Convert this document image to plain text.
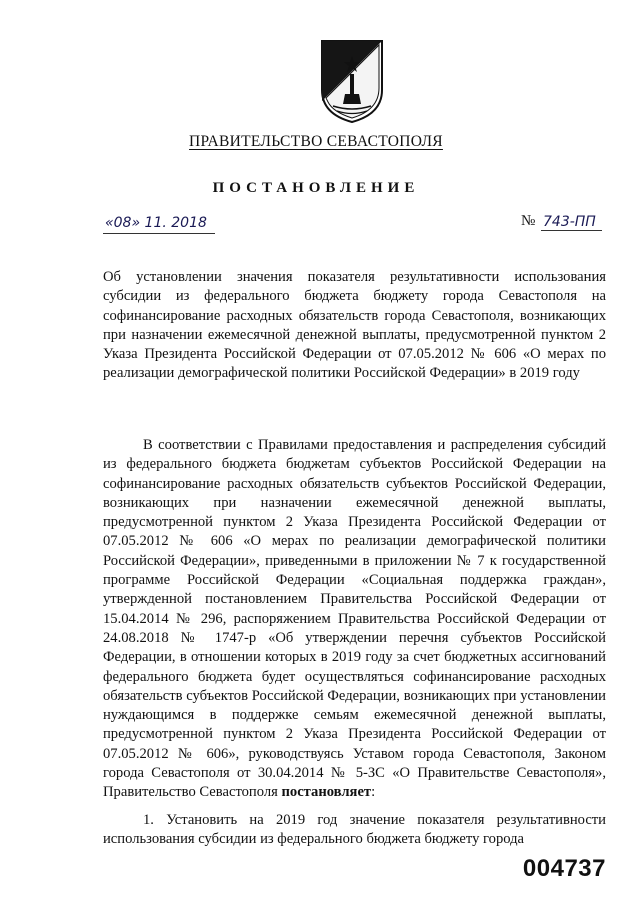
ПРАВИТЕЛЬСТВО СЕВАСТОПОЛЯ
ПОСТАНОВЛЕНИЕ
«08» 11. 2018	№ 743-ПП
Об установлении значения показателя результативности использования субсидии из федерального бюджета бюджету города Севастополя на софинансирование расходных обязательств города Севастополя, возникающих при назначении ежемесячной денежной выплаты, предусмотренной пунктом 2 Указа Президента Российской Федерации от 07.05.2012 № 606 «О мерах по реализации демографической политики Российской Федерации» в 2019 году
В соответствии с Правилами предоставления и распределения субсидий из федерального бюджета бюджетам субъектов Российской Федерации на софинансирование расходных обязательств субъектов Российской Федерации, возникающих при назначении ежемесячной денежной выплаты, предусмотренной пунктом 2 Указа Президента Российской Федерации от 07.05.2012 № 606 «О мерах по реализации демографической политики Российской Федерации», приведенными в приложении № 7 к государственной программе Российской Федерации «Социальная поддержка граждан», утвержденной постановлением Правительства Российской Федерации от 15.04.2014 № 296, распоряжением Правительства Российской Федерации от 24.08.2018 № 1747-р «Об утверждении перечня субъектов Российской Федерации, в отношении которых в 2019 году за счет бюджетных ассигнований федерального бюджета будет осуществляться софинансирование расходных обязательств субъектов Российской Федерации, возникающих при установлении нуждающимся в поддержке семьям ежемесячной денежной выплаты, предусмотренной пунктом 2 Указа Президента Российской Федерации от 07.05.2012 № 606», руководствуясь Уставом города Севастополя, Законом города Севастополя от 30.04.2014 № 5-ЗС «О Правительстве Севастополя», Правительство Севастополя постановляет:
1. Установить на 2019 год значение показателя результативности использования субсидии из федерального бюджета бюджету города
004737
